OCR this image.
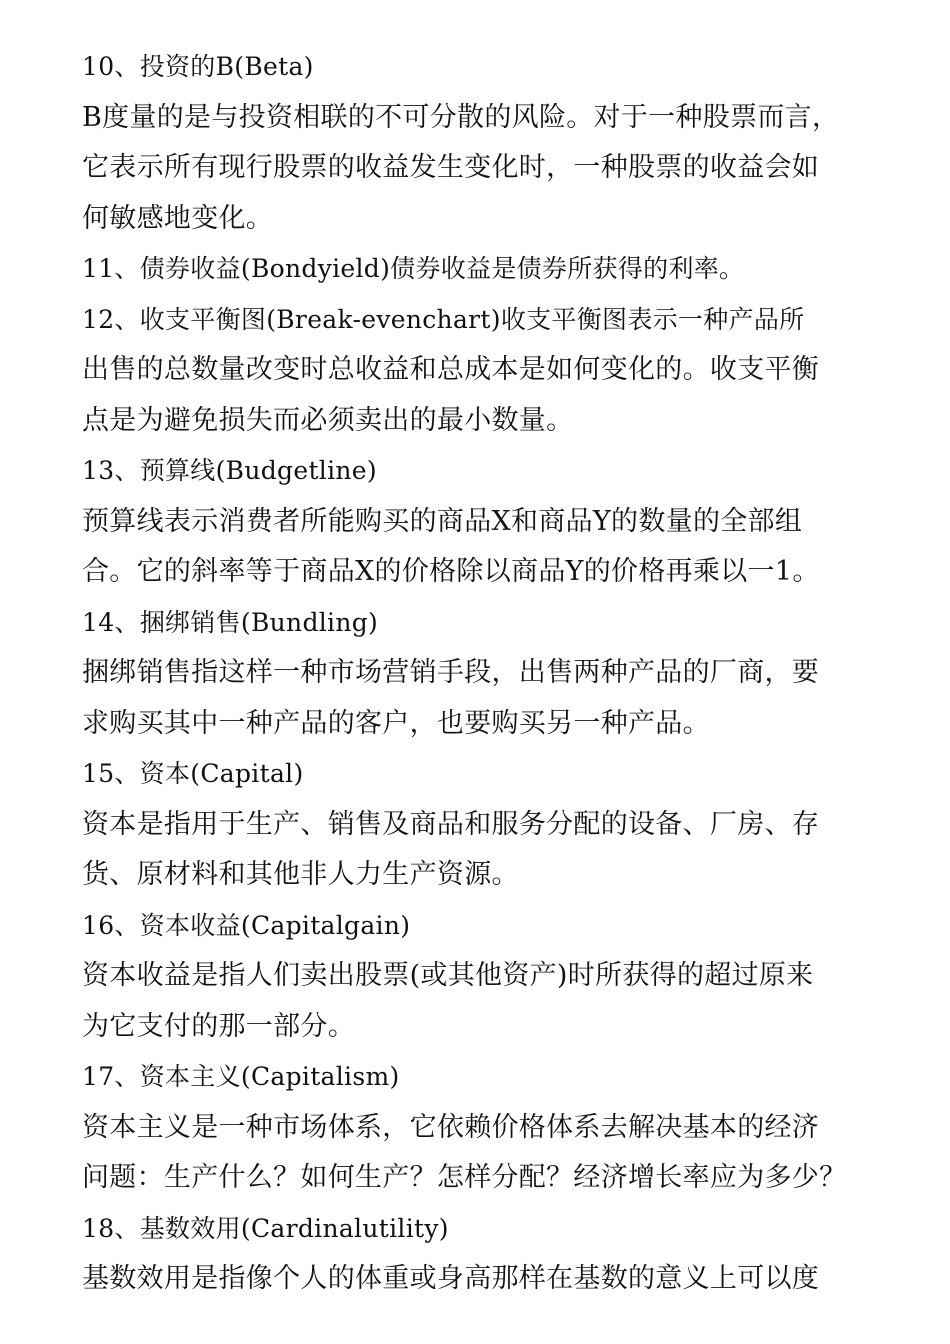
10、投资的Β(Beta)
Β度量的是与投资相联的不可分散的风险。对于一种股票而言，
它表示所有现行股票的收益发生变化时，一种股票的收益会如
何敏感地变化。
11、债券收益(Bondyield)债券收益是债券所获得的利率。
12、收支平衡图(Break-evenchart)收支平衡图表示一种产品所
出售的总数量改变时总收益和总成本是如何变化的。收支平衡
点是为避免损失而必须卖出的最小数量。
13、预算线(Budgetline)
预算线表示消费者所能购买的商品X和商品Y的数量的全部组
合。它的斜率等于商品X的价格除以商品Y的价格再乘以一1。
14、捆绑销售(Bundling)
捆绑销售指这样一种市场营销手段，出售两种产品的厂商，要
求购买其中一种产品的客户，也要购买另一种产品。
15、资本(Capital)
资本是指用于生产、销售及商品和服务分配的设备、厂房、存
货、原材料和其他非人力生产资源。
16、资本收益(Capitalgain)
资本收益是指人们卖出股票(或其他资产)时所获得的超过原来
为它支付的那一部分。
17、资本主义(Capitalism)
资本主义是一种市场体系，它依赖价格体系去解决基本的经济
问题：生产什么？如何生产？怎样分配？经济增长率应为多少？
18、基数效用(Cardinalutility)
基数效用是指像个人的体重或身高那样在基数的意义上可以度
